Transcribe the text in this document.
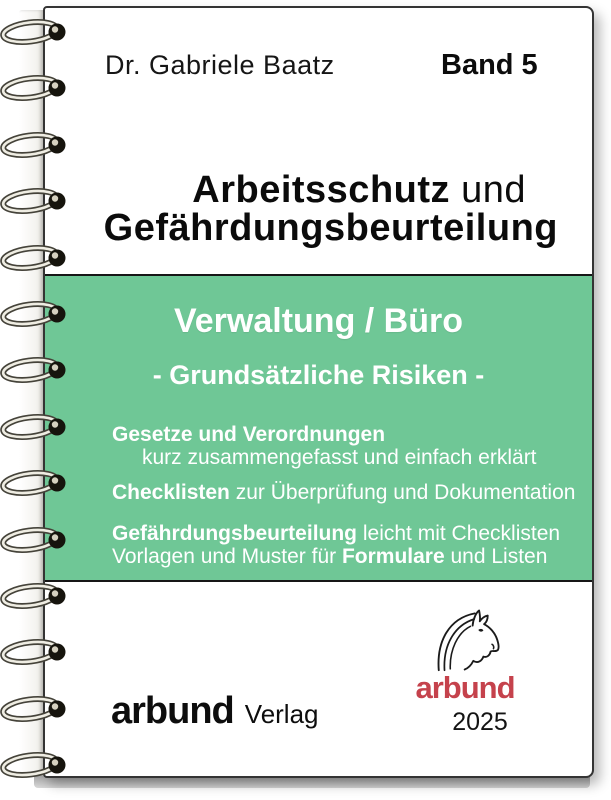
Dr. Gabriele Baatz	Band 5
Arbeitsschutz und
Gefährdungsbeurteilung
Verwaltung / Büro
- Grundsätzliche Risiken -
Gesetze und Verordnungen
kurz zusammengefasst und einfach erklärt
Checklisten zur Überprüfung und Dokumentation
Gefährdungsbeurteilung leicht mit Checklisten
Vorlagen und Muster für Formulare und Listen
arbund Verlag
arbund
2025
